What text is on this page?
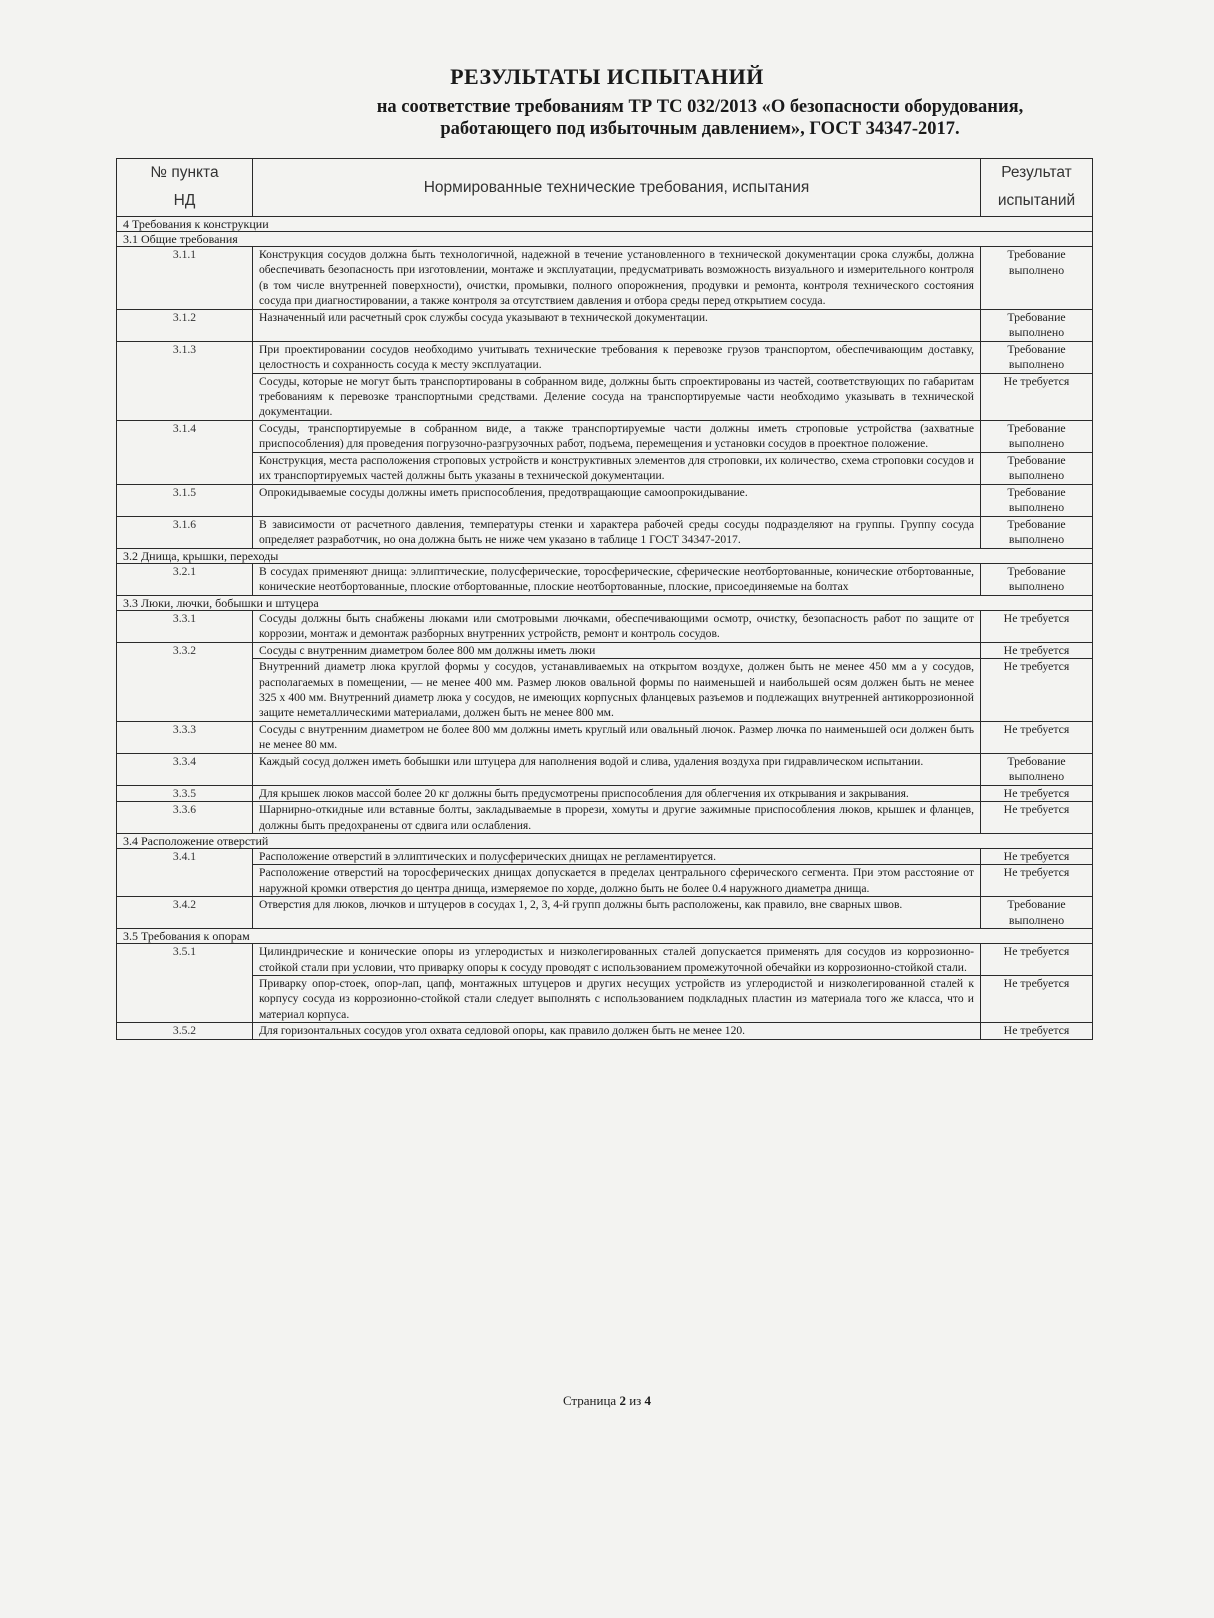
РЕЗУЛЬТАТЫ ИСПЫТАНИЙ
на соответствие требованиям ТР ТС 032/2013 «О безопасности оборудования,
работающего под избыточным давлением», ГОСТ 34347-2017.
№ пункта
НД	Нормированные технические требования, испытания	Результат
испытаний

4 Требования к конструкции		
3.1 Общие требования		
3.1.1	Конструкция сосудов должна быть технологичной, надежной в течение установленного в технической документации срока службы, должна обеспечивать безопасность при изготовлении, монтаже и эксплуатации, предусматривать возможность визуального и измерительного контроля (в том числе внутренней поверхности), очистки, промывки, полного опорожнения, продувки и ремонта, контроля технического состояния сосуда при диагностировании, а также контроля за отсутствием давления и отбора среды перед открытием сосуда.	Требование выполнено
3.1.2	Назначенный или расчетный срок службы сосуда указывают в технической документации.	Требование выполнено
3.1.3	При проектировании сосудов необходимо учитывать технические требования к перевозке грузов транспортом, обеспечивающим доставку, целостность и сохранность сосуда к месту эксплуатации.	Требование выполнено
	Сосуды, которые не могут быть транспортированы в собранном виде, должны быть спроектированы из частей, соответствующих по габаритам требованиям к перевозке транспортными средствами. Деление сосуда на транспортируемые части необходимо указывать в технической документации.	Не требуется
3.1.4	Сосуды, транспортируемые в собранном виде, а также транспортируемые части должны иметь строповые устройства (захватные приспособления) для проведения погрузочно-разгрузочных работ, подъема, перемещения и установки сосудов в проектное положение.	Требование выполнено
	Конструкция, места расположения строповых устройств и конструктивных элементов для строповки, их количество, схема строповки сосудов и их транспортируемых частей должны быть указаны в технической документации.	Требование выполнено
3.1.5	Опрокидываемые сосуды должны иметь приспособления, предотвращающие самоопрокидывание.	Требование выполнено
3.1.6	В зависимости от расчетного давления, температуры стенки и характера рабочей среды сосуды подразделяют на группы. Группу сосуда определяет разработчик, но она должна быть не ниже чем указано в таблице 1 ГОСТ 34347-2017.	Требование выполнено
3.2 Днища, крышки, переходы		
3.2.1	В сосудах применяют днища: эллиптические, полусферические, торосферические, сферические неотбортованные, конические отбортованные, конические неотбортованные, плоские отбортованные, плоские неотбортованные, плоские, присоединяемые на болтах	Требование выполнено
3.3 Люки, лючки, бобышки и штуцера		
3.3.1	Сосуды должны быть снабжены люками или смотровыми лючками, обеспечивающими осмотр, очистку, безопасность работ по защите от коррозии, монтаж и демонтаж разборных внутренних устройств, ремонт и контроль сосудов.	Не требуется
3.3.2	Сосуды с внутренним диаметром более 800 мм должны иметь люки	Не требуется
	Внутренний диаметр люка круглой формы у сосудов, устанавливаемых на открытом воздухе, должен быть не менее 450 мм а у сосудов, располагаемых в помещении, — не менее 400 мм. Размер люков овальной формы по наименьшей и наибольшей осям должен быть не менее 325 х 400 мм. Внутренний диаметр люка у сосудов, не имеющих корпусных фланцевых разъемов и подлежащих внутренней антикоррозионной защите неметаллическими материалами, должен быть не менее 800 мм.	Не требуется
3.3.3	Сосуды с внутренним диаметром не более 800 мм должны иметь круглый или овальный лючок. Размер лючка по наименьшей оси должен быть не менее 80 мм.	Не требуется
3.3.4	Каждый сосуд должен иметь бобышки или штуцера для наполнения водой и слива, удаления воздуха при гидравлическом испытании.	Требование выполнено
3.3.5	Для крышек люков массой более 20 кг должны быть предусмотрены приспособления для облегчения их открывания и закрывания.	Не требуется
3.3.6	Шарнирно-откидные или вставные болты, закладываемые в прорези, хомуты и другие зажимные приспособления люков, крышек и фланцев, должны быть предохранены от сдвига или ослабления.	Не требуется
3.4 Расположение отверстий		
3.4.1	Расположение отверстий в эллиптических и полусферических днищах не регламентируется.	Не требуется
	Расположение отверстий на торосферических днищах допускается в пределах центрального сферического сегмента. При этом расстояние от наружной кромки отверстия до центра днища, измеряемое по хорде, должно быть не более 0.4 наружного диаметра днища.	Не требуется
3.4.2	Отверстия для люков, лючков и штуцеров в сосудах 1, 2, 3, 4-й групп должны быть расположены, как правило, вне сварных швов.	Требование выполнено
3.5 Требования к опорам		
3.5.1	Цилиндрические и конические опоры из углеродистых и низколегированных сталей допускается применять для сосудов из коррозионно-стойкой стали при условии, что приварку опоры к сосуду проводят с использованием промежуточной обечайки из коррозионно-стойкой стали.	Не требуется
	Приварку опор-стоек, опор-лап, цапф, монтажных штуцеров и других несущих устройств из углеродистой и низколегированной сталей к корпусу сосуда из коррозионно-стойкой стали следует выполнять с использованием подкладных пластин из материала того же класса, что и материал корпуса.	Не требуется
3.5.2	Для горизонтальных сосудов угол охвата седловой опоры, как правило должен быть не менее 120.	Не требуется
Страница 2 из 4
